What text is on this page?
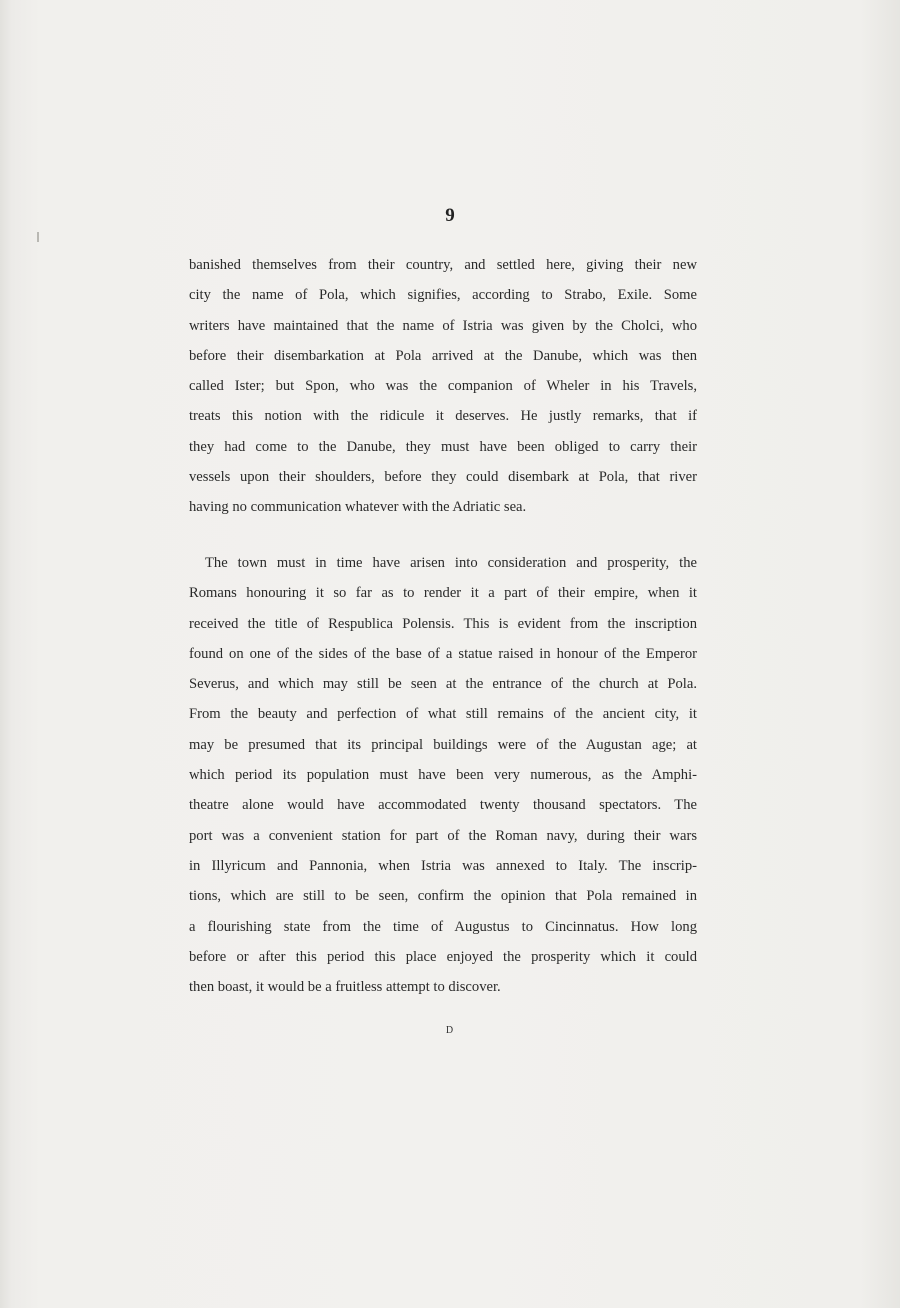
9
banished themselves from their country, and settled here, giving their new
city the name of Pola, which signifies, according to Strabo, Exile. Some
writers have maintained that the name of Istria was given by the Cholci, who
before their disembarkation at Pola arrived at the Danube, which was then
called Ister; but Spon, who was the companion of Wheler in his Travels,
treats this notion with the ridicule it deserves. He justly remarks, that if
they had come to the Danube, they must have been obliged to carry their
vessels upon their shoulders, before they could disembark at Pola, that river
having no communication whatever with the Adriatic sea.
The town must in time have arisen into consideration and prosperity, the
Romans honouring it so far as to render it a part of their empire, when it
received the title of Respublica Polensis. This is evident from the inscription
found on one of the sides of the base of a statue raised in honour of the Emperor
Severus, and which may still be seen at the entrance of the church at Pola.
From the beauty and perfection of what still remains of the ancient city, it
may be presumed that its principal buildings were of the Augustan age; at
which period its population must have been very numerous, as the Amphi-
theatre alone would have accommodated twenty thousand spectators. The
port was a convenient station for part of the Roman navy, during their wars
in Illyricum and Pannonia, when Istria was annexed to Italy. The inscrip-
tions, which are still to be seen, confirm the opinion that Pola remained in
a flourishing state from the time of Augustus to Cincinnatus. How long
before or after this period this place enjoyed the prosperity which it could
then boast, it would be a fruitless attempt to discover.
D
